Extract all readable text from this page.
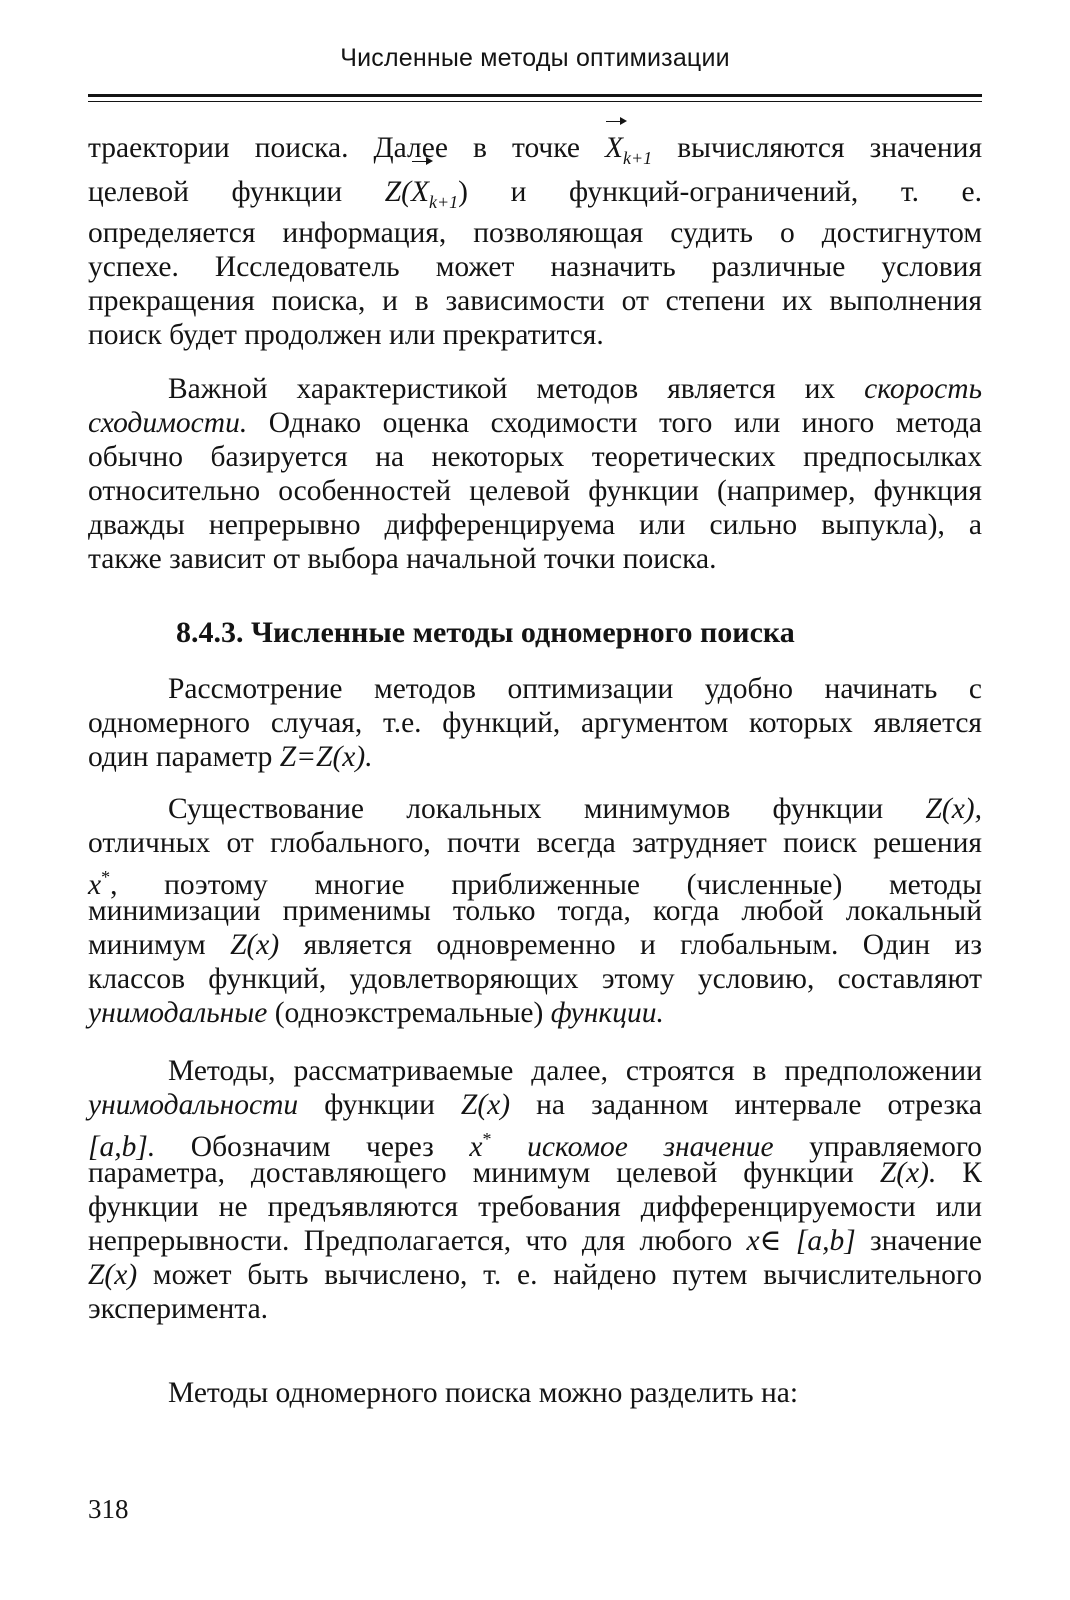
Численные методы оптимизации
траектории поиска. Далее в точке $X_{k+1}$ вычисляются значения
целевой функции $Z(X_{k+1})$ и функций-ограничений, т. е.
определяется информация, позволяющая судить о достигнутом
успехе. Исследователь может назначить различные условия
прекращения поиска, и в зависимости от степени их выполнения
поиск будет продолжен или прекратится.
Важной характеристикой методов является их скорость
сходимости. Однако оценка сходимости того или иного метода
обычно базируется на некоторых теоретических предпосылках
относительно особенностей целевой функции (например, функция
дважды непрерывно дифференцируема или сильно выпукла), а
также зависит от выбора начальной точки поиска.
8.4.3. Численные методы одномерного поиска
Рассмотрение методов оптимизации удобно начинать с
одномерного случая, т.е. функций, аргументом которых является
один параметр Z=Z(x).
Существование локальных минимумов функции Z(x),
отличных от глобального, почти всегда затрудняет поиск решения
x*, поэтому многие приближенные (численные) методы
минимизации применимы только тогда, когда любой локальный
минимум Z(x) является одновременно и глобальным. Один из
классов функций, удовлетворяющих этому условию, составляют
унимодальные (одноэкстремальные) функции.
Методы, рассматриваемые далее, строятся в предположении
унимодальности функции Z(x) на заданном интервале отрезка
[a,b]. Обозначим через x* искомое значение управляемого
параметра, доставляющего минимум целевой функции Z(x). К
функции не предъявляются требования дифференцируемости или
непрерывности. Предполагается, что для любого x∈ [a,b] значение
Z(x) может быть вычислено, т. е. найдено путем вычислительного
эксперимента.
Методы одномерного поиска можно разделить на:
318
